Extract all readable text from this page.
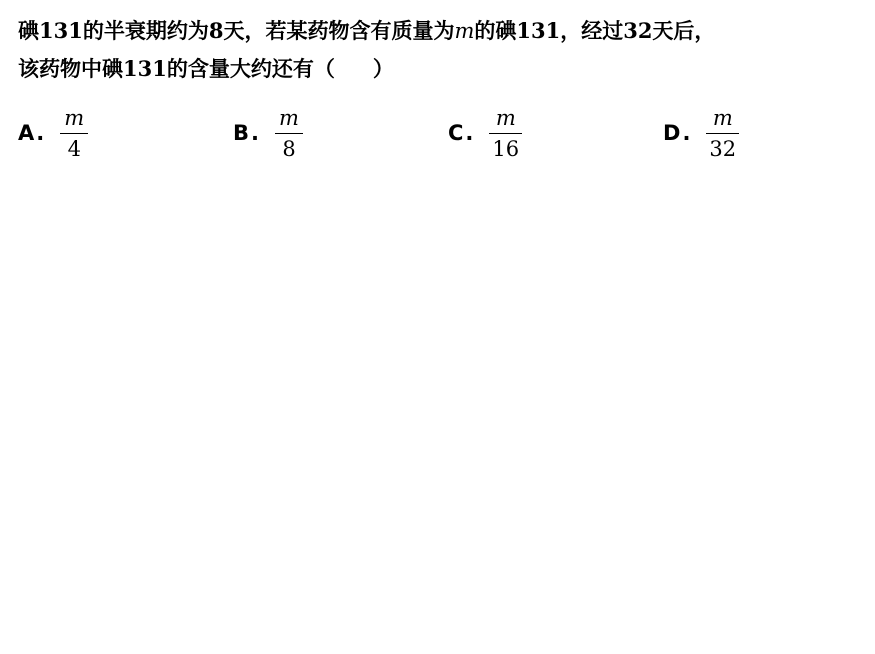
碘131的半衰期约为8天，若某药物含有质量为m的碘131，经过32天后，
该药物中碘131的含量大约还有（ ）
A . $\frac{m}{4}$	B . $\frac{m}{8}$	C . $\frac{m}{16}$	D . $\frac{m}{32}$
